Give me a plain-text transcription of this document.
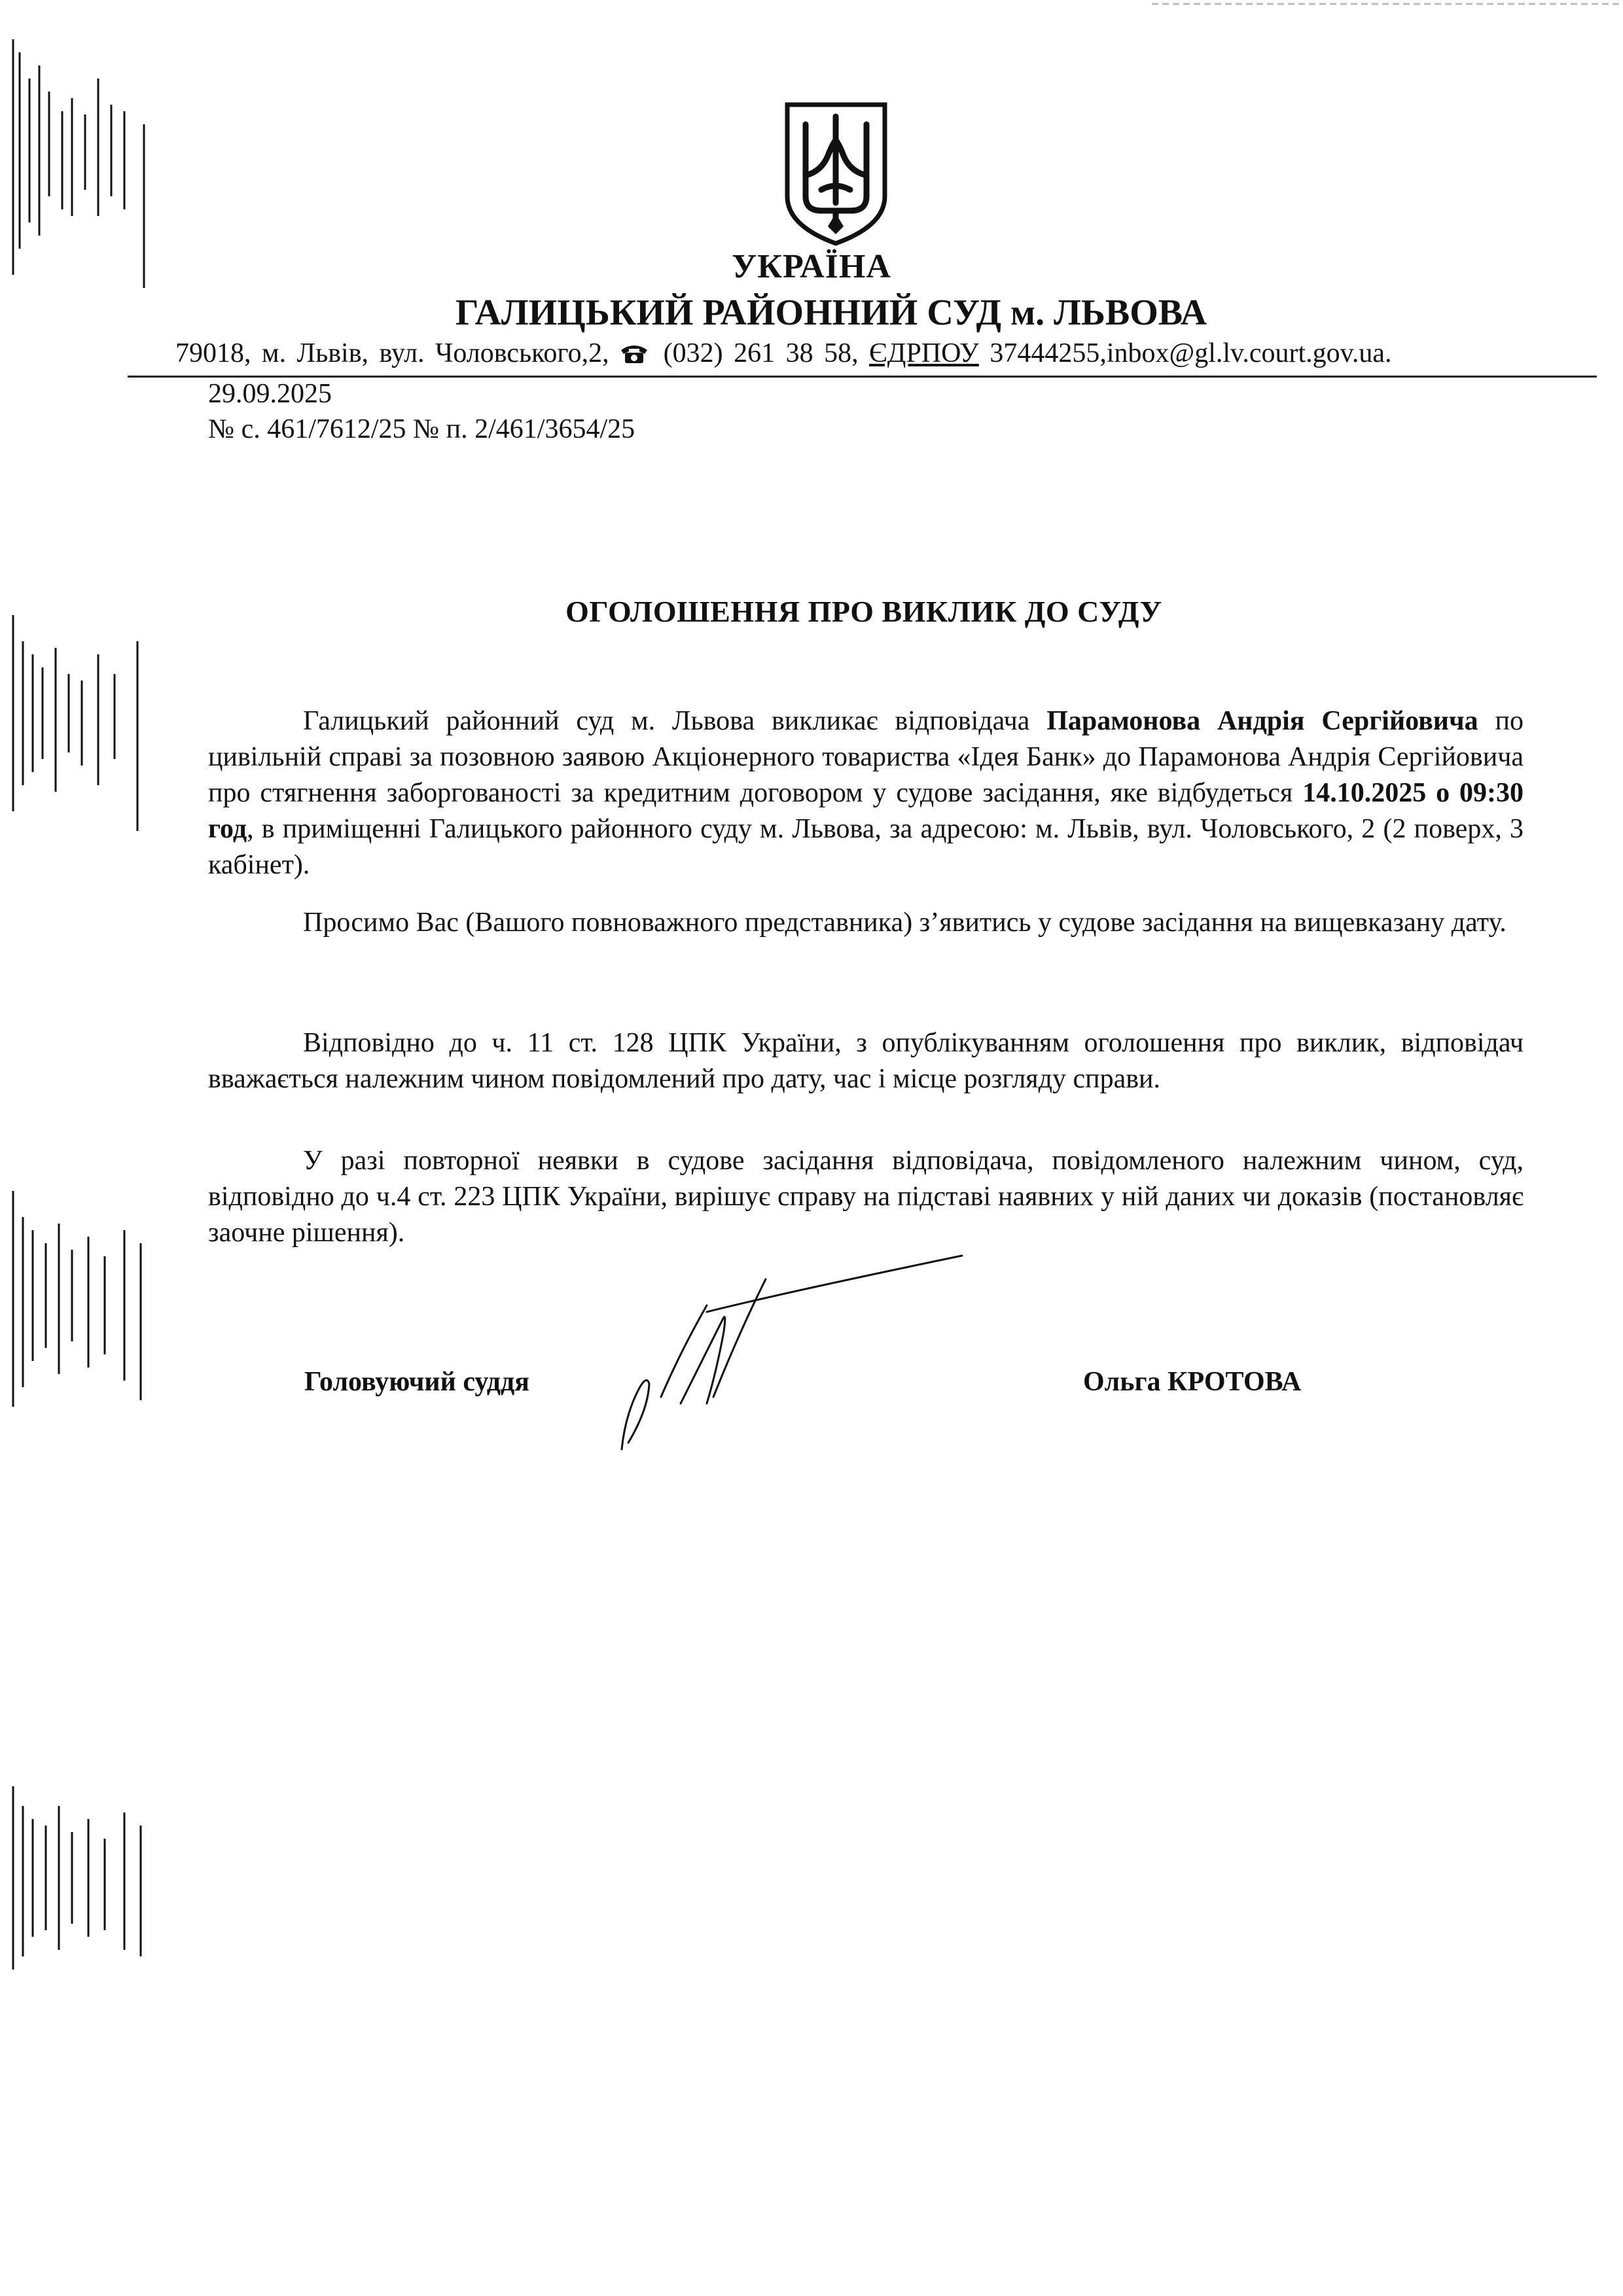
УКРАЇНА
ГАЛИЦЬКИЙ РАЙОННИЙ СУД м. ЛЬВОВА
79018, м. Львів, вул. Чоловського,2, (032) 261 38 58, ЄДРПОУ 37444255,inbox@gl.lv.court.gov.ua.
29.09.2025
№ с. 461/7612/25 № п. 2/461/3654/25
ОГОЛОШЕННЯ ПРО ВИКЛИК ДО СУДУ
Галицький районний суд м. Львова викликає відповідача Парамонова Андрія Сергійовича по цивільній справі за позовною заявою Акціонерного товариства «Ідея Банк» до Парамонова Андрія Сергійовича про стягнення заборгованості за кредитним договором у судове засідання, яке відбудеться 14.10.2025 о 09:30 год, в приміщенні Галицького районного суду м. Львова, за адресою: м. Львів, вул. Чоловського, 2 (2 поверх, 3 кабінет).
Просимо Вас (Вашого повноважного представника) з’явитись у судове засідання на вищевказану дату.
Відповідно до ч. 11 ст. 128 ЦПК України, з опублікуванням оголошення про виклик, відповідач вважається належним чином повідомлений про дату, час і місце розгляду справи.
У разі повторної неявки в судове засідання відповідача, повідомленого належним чином, суд, відповідно до ч.4 ст. 223 ЦПК України, вирішує справу на підставі наявних у ній даних чи доказів (постановляє заочне рішення).
Головуючий суддя	Ольга КРОТОВА
